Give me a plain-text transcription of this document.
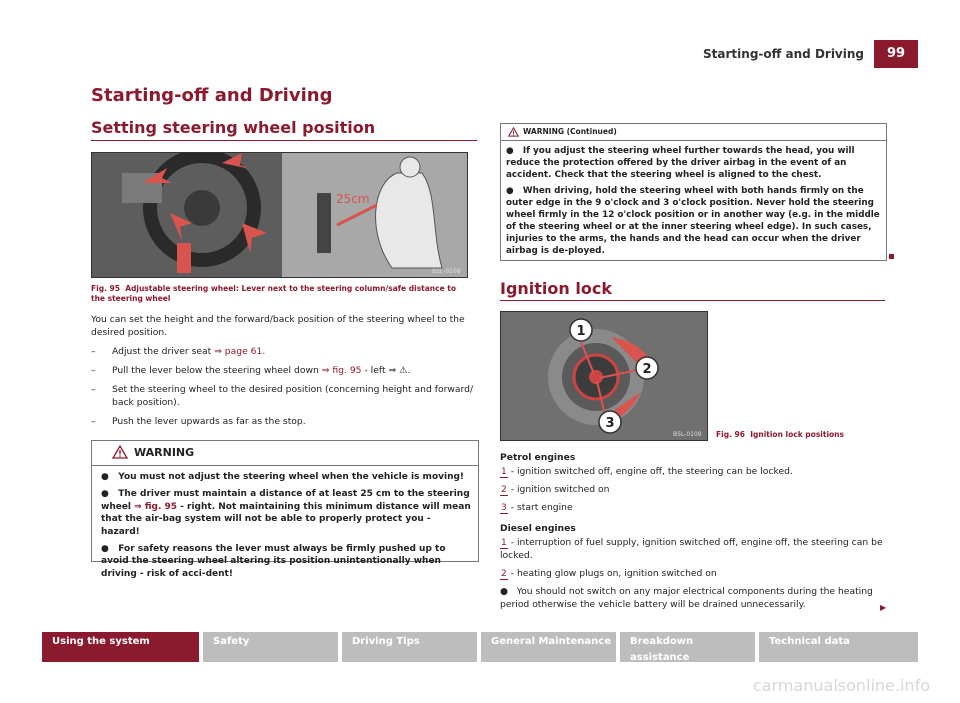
Starting-off and Driving	99
Starting-off and Driving
Setting steering wheel position
25cm
B5L-0108
Fig. 95 Adjustable steering wheel: Lever next to the steering column/safe distance to the steering wheel
You can set the height and the forward/back position of the steering wheel to the desired position.
– Adjust the driver seat ⇒ page 61.
– Pull the lever below the steering wheel down ⇒ fig. 95 - left ⇒ ⚠.
– Set the steering wheel to the desired position (concerning height and forward/ back position).
– Push the lever upwards as far as the stop.
WARNING
●   You must not adjust the steering wheel when the vehicle is moving!
●   The driver must maintain a distance of at least 25 cm to the steering wheel ⇒ fig. 95 - right. Not maintaining this minimum distance will mean that the air-bag system will not be able to properly protect you - hazard!
●   For safety reasons the lever must always be firmly pushed up to avoid the steering wheel altering its position unintentionally when driving - risk of acci-dent!
WARNING (Continued)
●   If you adjust the steering wheel further towards the head, you will reduce the protection offered by the driver airbag in the event of an accident. Check that the steering wheel is aligned to the chest.
●   When driving, hold the steering wheel with both hands firmly on the outer edge in the 9 o'clock and 3 o'clock position. Never hold the steering wheel firmly in the 12 o'clock position or in another way (e.g. in the middle of the steering wheel or at the inner steering wheel edge). In such cases, injuries to the arms, the hands and the head can occur when the driver airbag is de-ployed.
Ignition lock
1
2
3
B5L-0109 Fig. 96 Ignition lock positions
Petrol engines
1 - ignition switched off, engine off, the steering can be locked.
2 - ignition switched on
3 - start engine
Diesel engines
1 - interruption of fuel supply, ignition switched off, engine off, the steering can be locked.
2 - heating glow plugs on, ignition switched on
●   You should not switch on any major electrical components during the heating period otherwise the vehicle battery will be drained unnecessarily.	▶
Using the system	Safety	Driving Tips	General Maintenance	Breakdown assistance
Technical data
carmanualsonline.info
